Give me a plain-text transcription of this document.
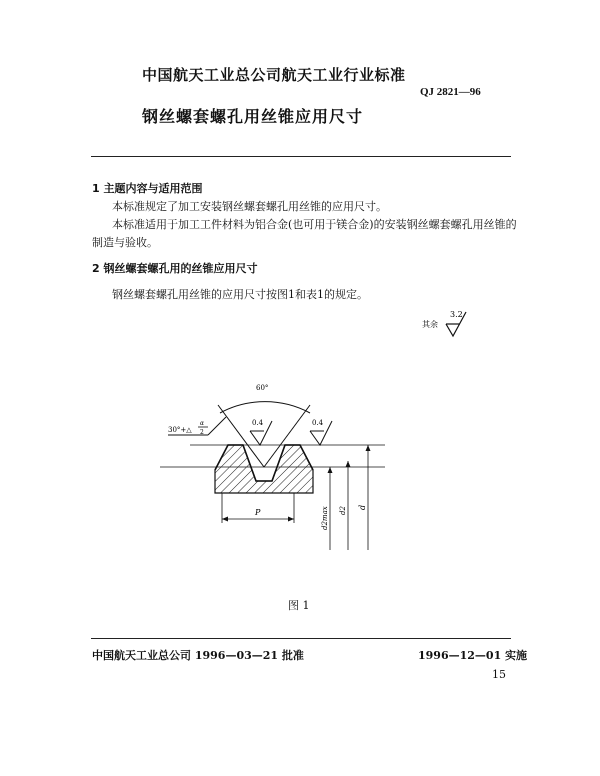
中国航天工业总公司航天工业行业标准
QJ 2821—96
钢丝螺套螺孔用丝锥应用尺寸
1 主题内容与适用范围
本标准规定了加工安装钢丝螺套螺孔用丝锥的应用尺寸。
本标准适用于加工工件材料为铝合金(也可用于镁合金)的安装钢丝螺套螺孔用丝锥的
制造与验收。
2 钢丝螺套螺孔用的丝锥应用尺寸
钢丝螺套螺孔用丝锥的应用尺寸按图1和表1的规定。
其余
3.2
60°
30°+△
α
2
0.4	0.4
P	d2max d2 d
图 1
中国航天工业总公司 1996—03—21 批准	1996—12—01 实施
15
